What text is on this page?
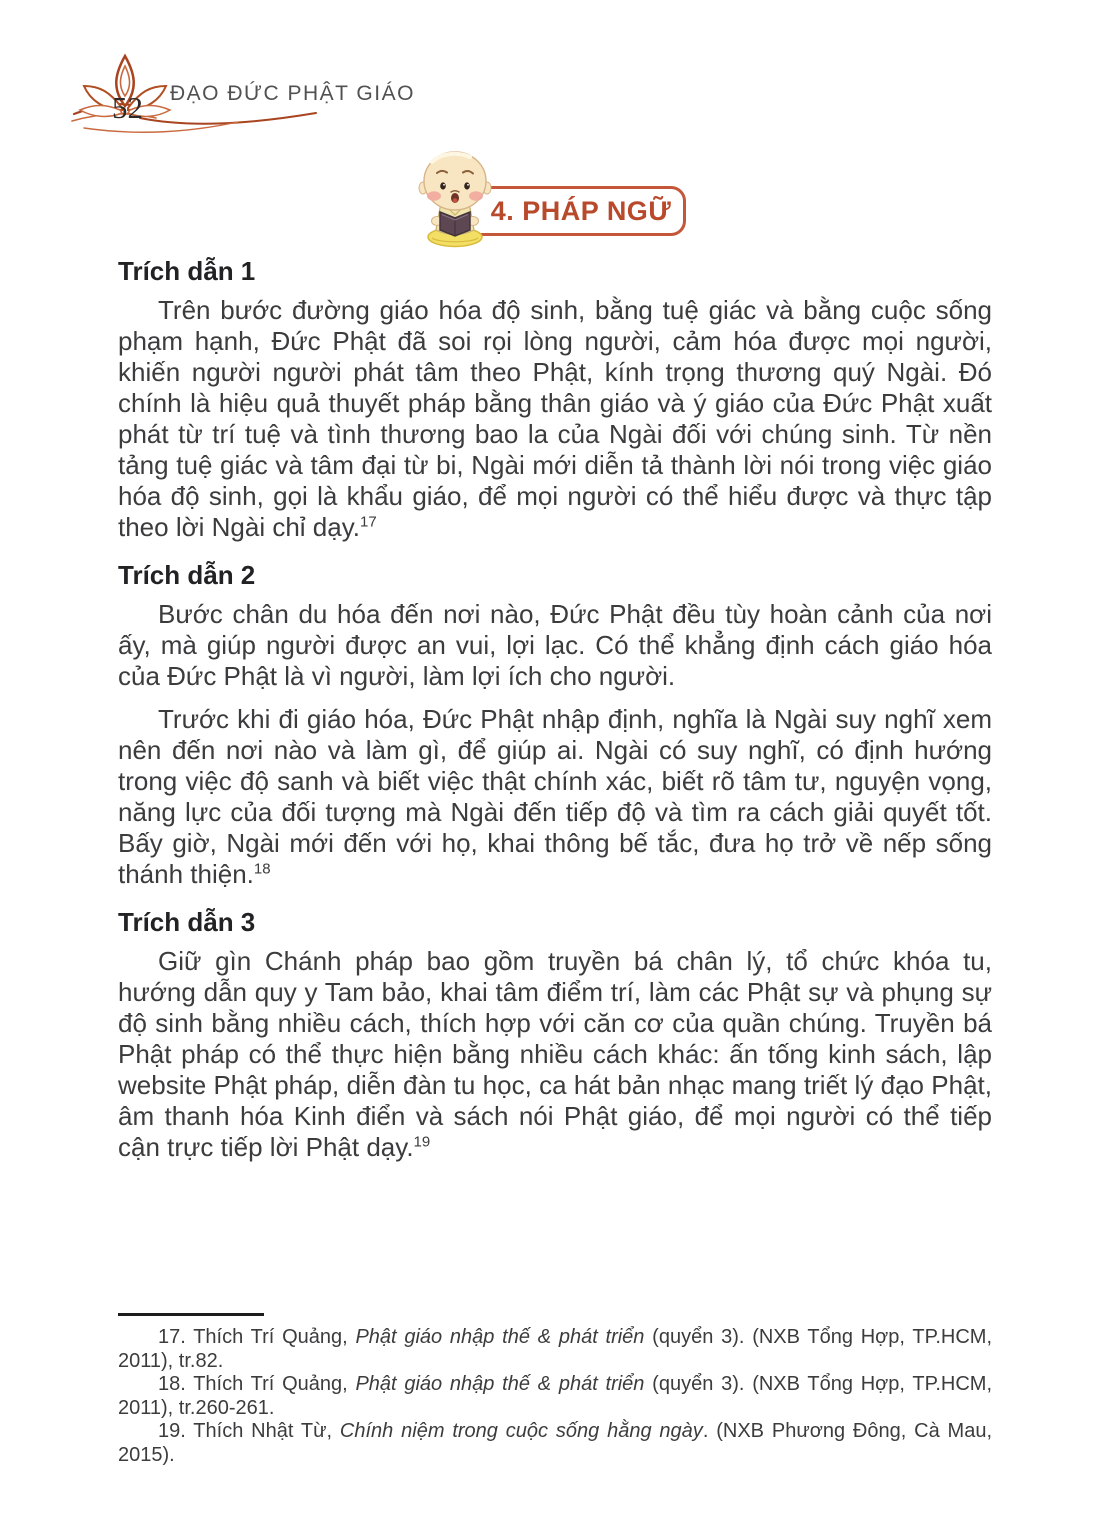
52 ĐẠO ĐỨC PHẬT GIÁO
4. PHÁP NGỮ
Trích dẫn 1

Trên bước đường giáo hóa độ sinh, bằng tuệ giác và bằng cuộc sống phạm hạnh, Đức Phật đã soi rọi lòng người, cảm hóa được mọi người, khiến người người phát tâm theo Phật, kính trọng thương quý Ngài. Đó chính là hiệu quả thuyết pháp bằng thân giáo và ý giáo của Đức Phật xuất phát từ trí tuệ và tình thương bao la của Ngài đối với chúng sinh. Từ nền tảng tuệ giác và tâm đại từ bi, Ngài mới diễn tả thành lời nói trong việc giáo hóa độ sinh, gọi là khẩu giáo, để mọi người có thể hiểu được và thực tập theo lời Ngài chỉ dạy.$^{17}$

Trích dẫn 2

Bước chân du hóa đến nơi nào, Đức Phật đều tùy hoàn cảnh của nơi ấy, mà giúp người được an vui, lợi lạc. Có thể khẳng định cách giáo hóa của Đức Phật là vì người, làm lợi ích cho người.

Trước khi đi giáo hóa, Đức Phật nhập định, nghĩa là Ngài suy nghĩ xem nên đến nơi nào và làm gì, để giúp ai. Ngài có suy nghĩ, có định hướng trong việc độ sanh và biết việc thật chính xác, biết rõ tâm tư, nguyện vọng, năng lực của đối tượng mà Ngài đến tiếp độ và tìm ra cách giải quyết tốt. Bấy giờ, Ngài mới đến với họ, khai thông bế tắc, đưa họ trở về nếp sống thánh thiện.$^{18}$

Trích dẫn 3

Giữ gìn Chánh pháp bao gồm truyền bá chân lý, tổ chức khóa tu, hướng dẫn quy y Tam bảo, khai tâm điểm trí, làm các Phật sự và phụng sự độ sinh bằng nhiều cách, thích hợp với căn cơ của quần chúng. Truyền bá Phật pháp có thể thực hiện bằng nhiều cách khác: ấn tống kinh sách, lập website Phật pháp, diễn đàn tu học, ca hát bản nhạc mang triết lý đạo Phật, âm thanh hóa Kinh điển và sách nói Phật giáo, để mọi người có thể tiếp cận trực tiếp lời Phật dạy.$^{19}$

17. Thích Trí Quảng, Phật giáo nhập thế & phát triển (quyển 3). (NXB Tổng Hợp, TP.HCM, 2011), tr.82.

18. Thích Trí Quảng, Phật giáo nhập thế & phát triển (quyển 3). (NXB Tổng Hợp, TP.HCM, 2011), tr.260-261.

19. Thích Nhật Từ, Chính niệm trong cuộc sống hằng ngày. (NXB Phương Đông, Cà Mau, 2015).
